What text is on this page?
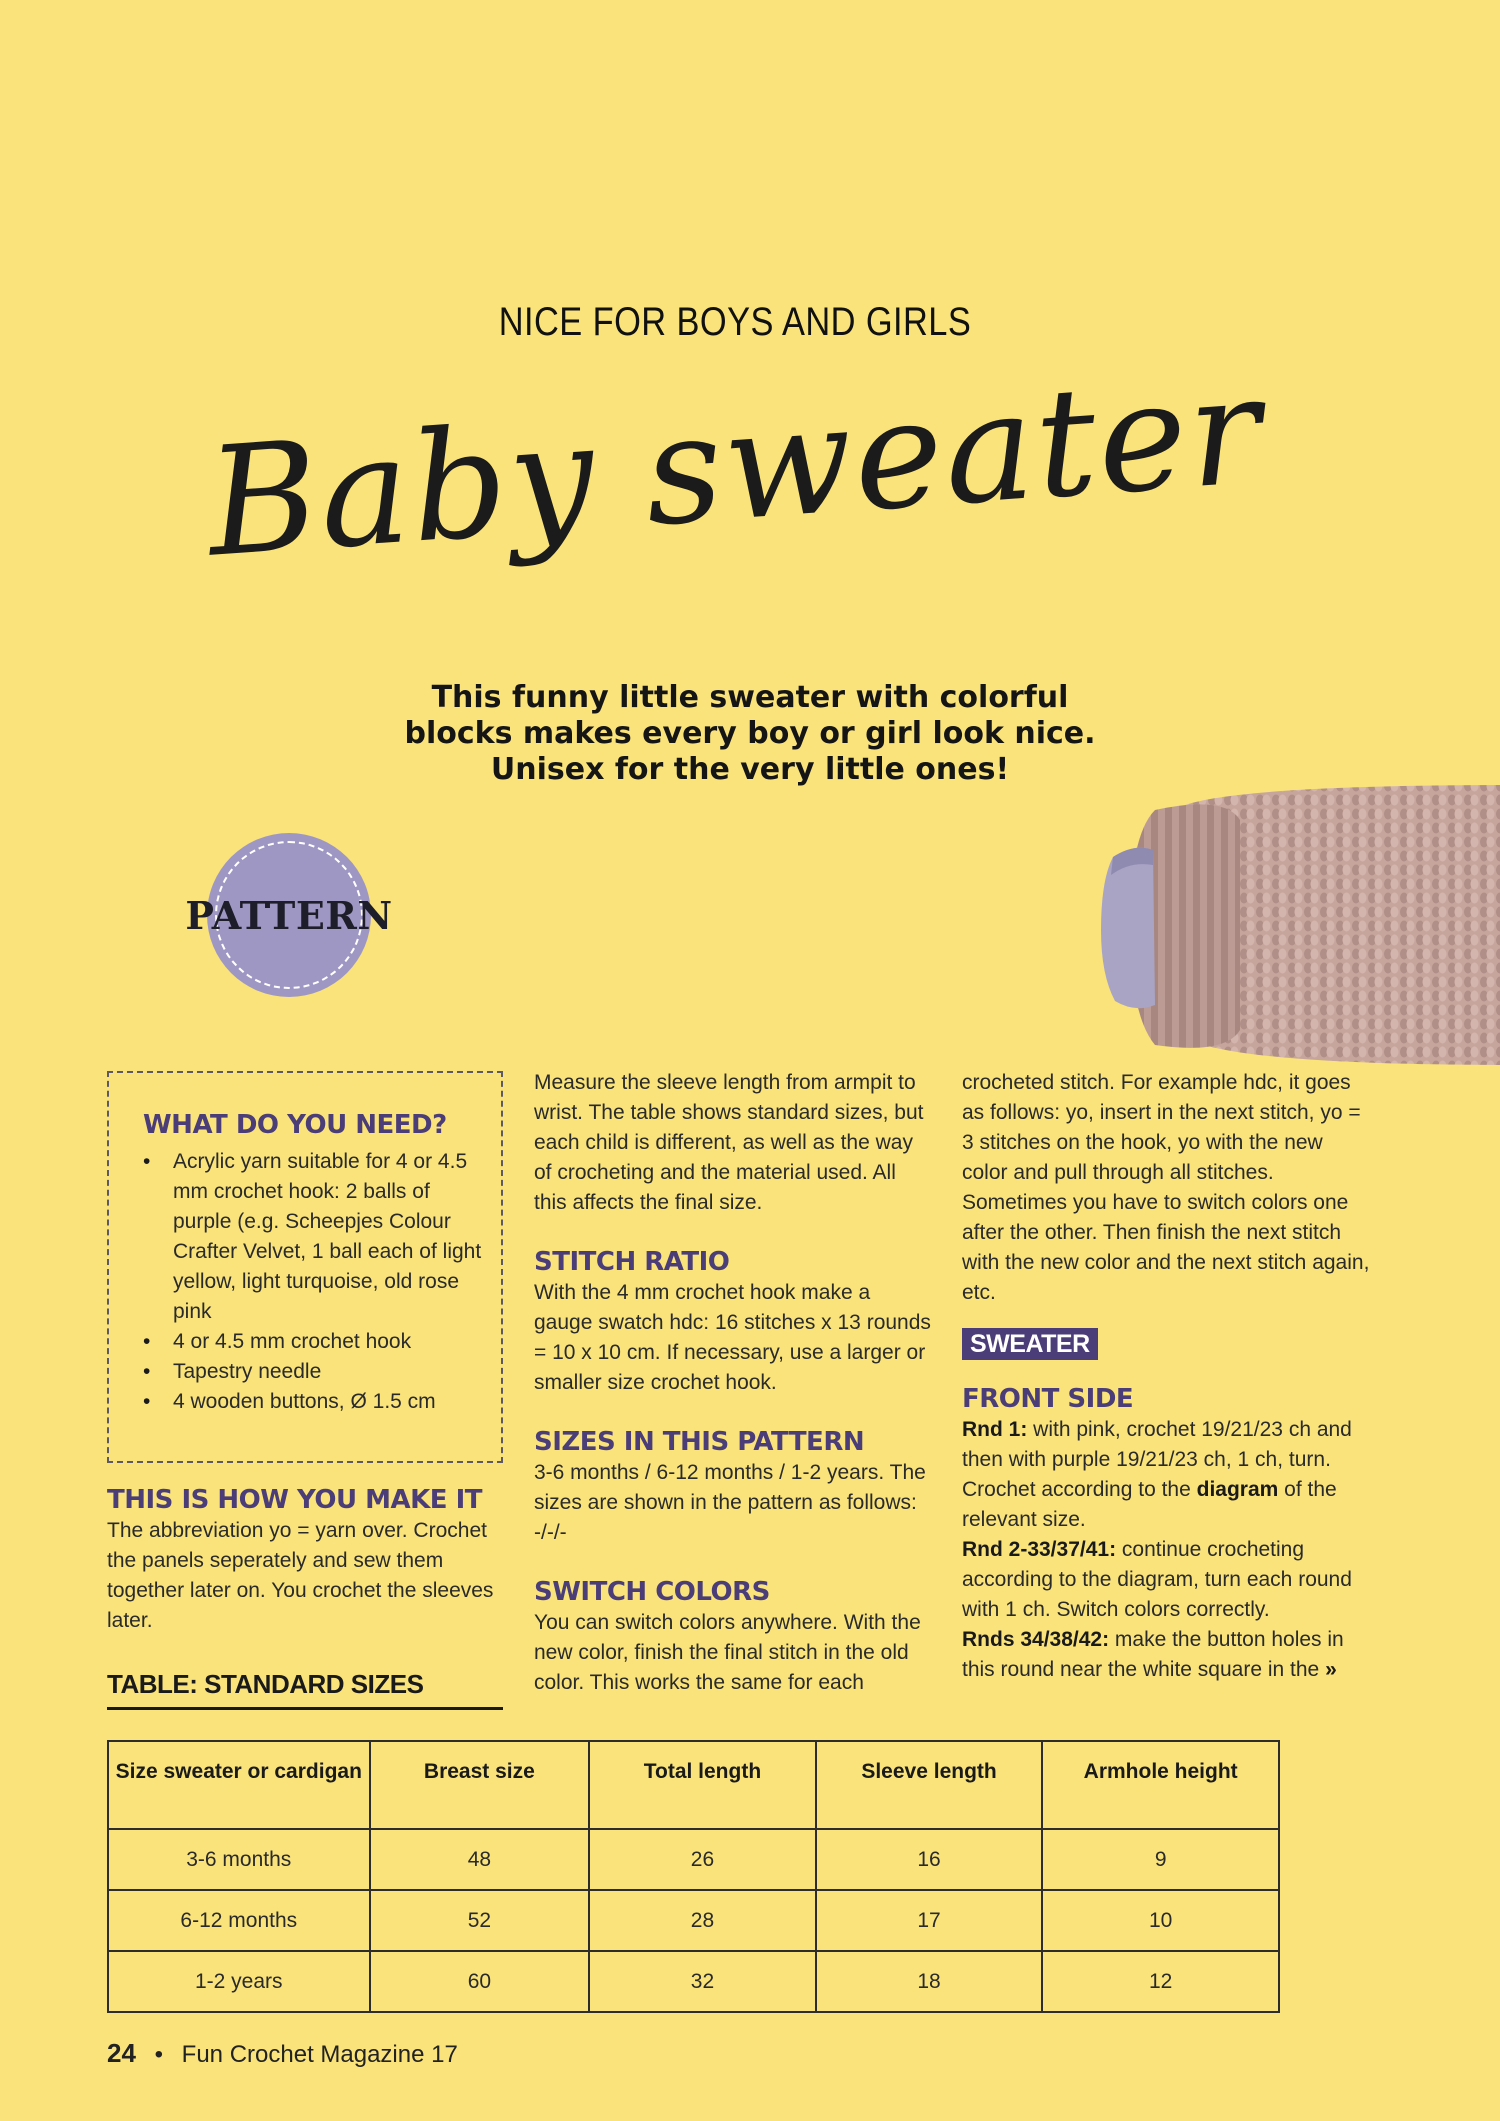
NICE FOR BOYS AND GIRLS
Baby sweater
This funny little sweater with colorful blocks makes every boy or girl look nice. Unisex for the very little ones!
PATTERN
WHAT DO YOU NEED?
• Acrylic yarn suitable for 4 or 4.5 mm crochet hook: 2 balls of purple (e.g. Scheepjes Colour Crafter Velvet, 1 ball each of light yellow, light turquoise, old rose pink
• 4 or 4.5 mm crochet hook
• Tapestry needle
• 4 wooden buttons, Ø 1.5 cm
THIS IS HOW YOU MAKE IT

The abbreviation yo = yarn over. Crochet the panels seperately and sew them together later on. You crochet the sleeves later.

TABLE: STANDARD SIZES

Measure the sleeve length from armpit to wrist. The table shows standard sizes, but each child is different, as well as the way of crocheting and the material used. All this affects the final size.

STITCH RATIO

With the 4 mm crochet hook make a gauge swatch hdc: 16 stitches x 13 rounds = 10 x 10 cm. If necessary, use a larger or smaller size crochet hook.

SIZES IN THIS PATTERN

3-6 months / 6-12 months / 1-2 years. The sizes are shown in the pattern as follows: -/-/-

SWITCH COLORS

You can switch colors anywhere. With the new color, finish the final stitch in the old color. This works the same for each

crocheted stitch. For example hdc, it goes as follows: yo, insert in the next stitch, yo = 3 stitches on the hook, yo with the new color and pull through all stitches. Sometimes you have to switch colors one after the other. Then finish the next stitch with the new color and the next stitch again, etc.

SWEATER
FRONT SIDE

Rnd 1: with pink, crochet 19/21/23 ch and then with purple 19/21/23 ch, 1 ch, turn. Crochet according to the diagram of the relevant size.

Rnd 2-33/37/41: continue crocheting according to the diagram, turn each round with 1 ch. Switch colors correctly.

Rnds 34/38/42: make the button holes in this round near the white square in the »

Size sweater or cardigan	Breast size	Total length	Sleeve length	Armhole height
3-6 months	48	26	16	9
6-12 months	52	28	17	10
1-2 years	60	32	18	12
24 • Fun Crochet Magazine 17
